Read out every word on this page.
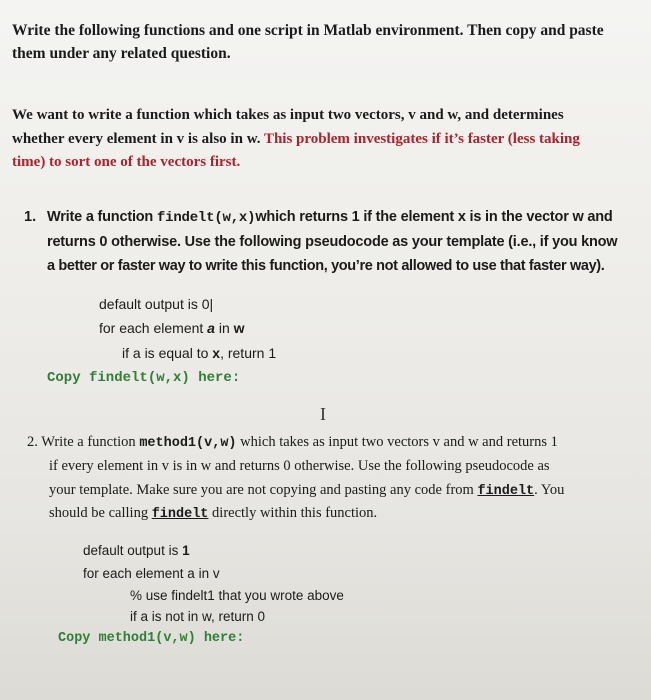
Write the following functions and one script in Matlab environment. Then copy and paste
them under any related question.
We want to write a function which takes as input two vectors, v and w, and determines
whether every element in v is also in w. This problem investigates if it’s faster (less taking
time) to sort one of the vectors first.
1. Write a function findelt(w,x)which returns 1 if the element x is in the vector w and
returns 0 otherwise. Use the following pseudocode as your template (i.e., if you know
a better or faster way to write this function, you’re not allowed to use that faster way).
default output is 0|
for each element a in w
if a is equal to x, return 1
Copy findelt(w,x) here:
I
2. Write a function method1(v,w) which takes as input two vectors v and w and returns 1
if every element in v is in w and returns 0 otherwise. Use the following pseudocode as
your template. Make sure you are not copying and pasting any code from findelt. You
should be calling findelt directly within this function.
default output is 1
for each element a in v
% use findelt1 that you wrote above
if a is not in w, return 0
Copy method1(v,w) here:
